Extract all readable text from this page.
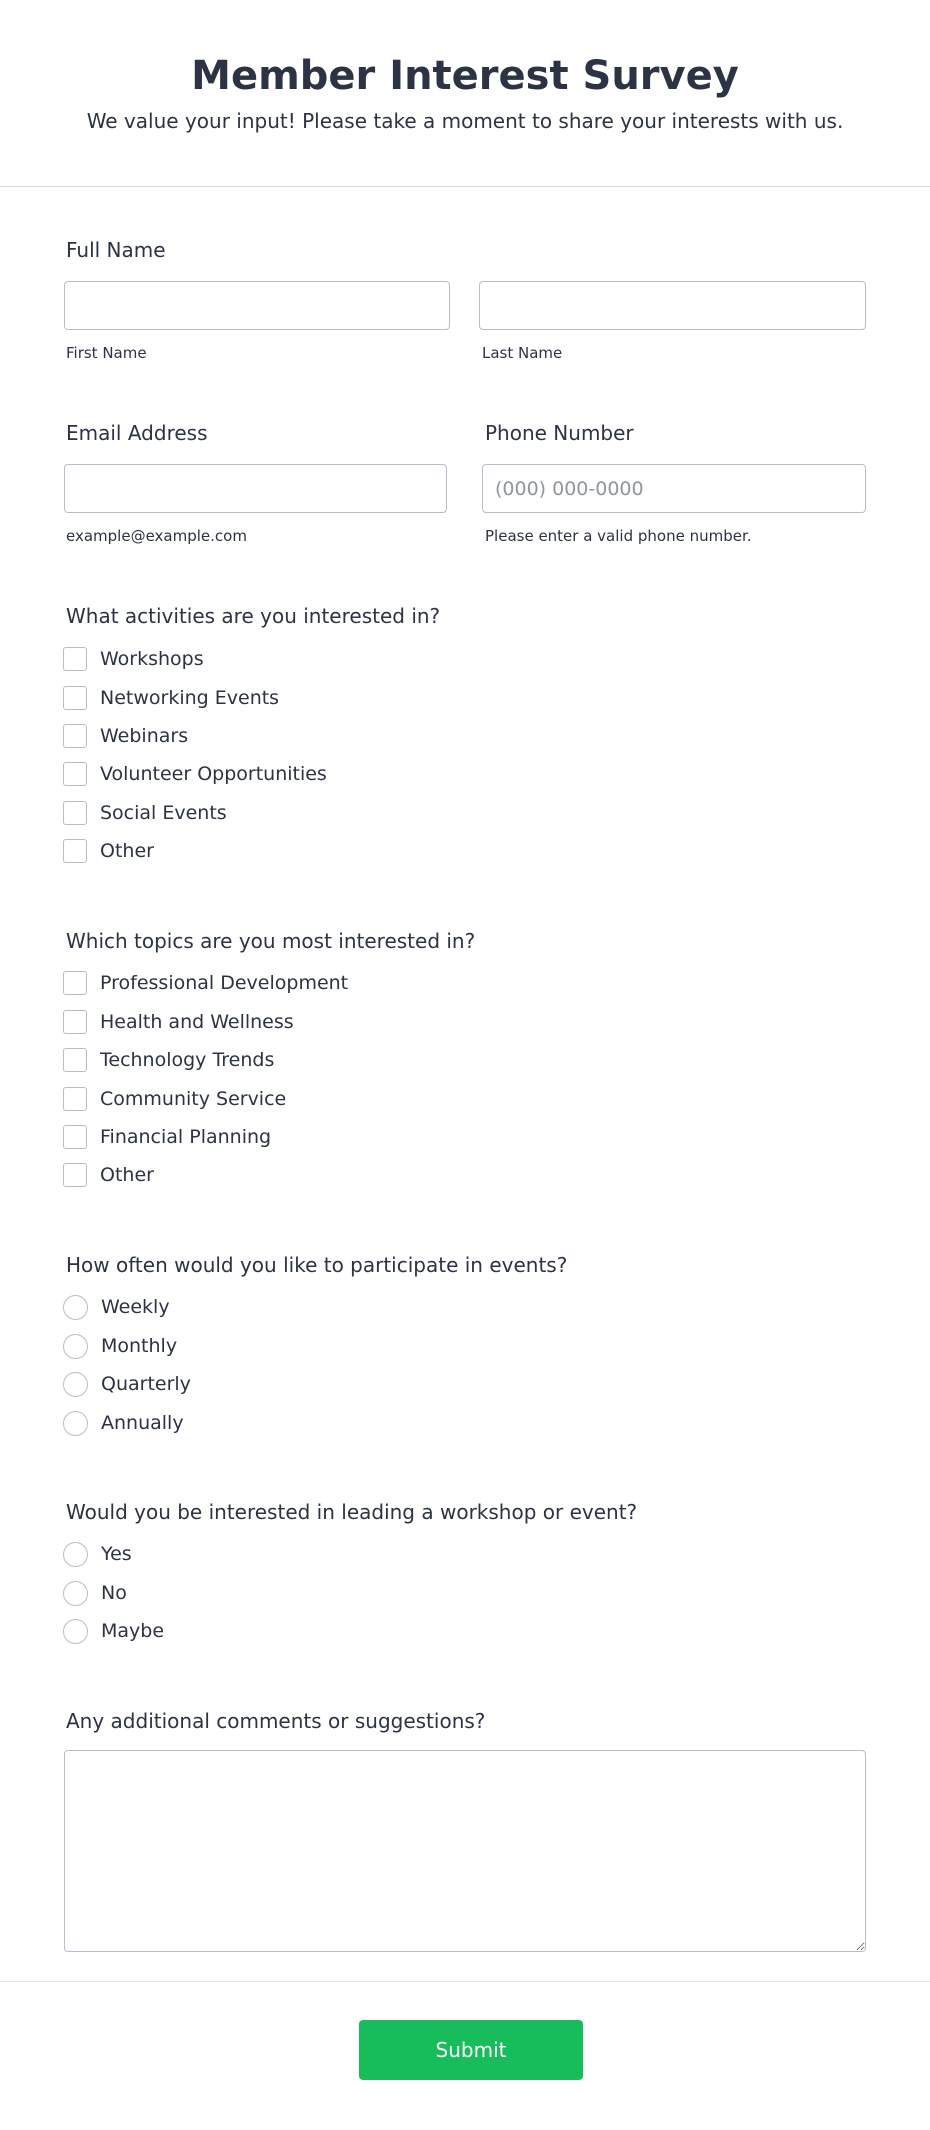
Member Interest Survey

We value your input! Please take a moment to share your interests with us.

Full Name
First Name	Last Name
Email Address	Phone Number
(000) 000-0000
example@example.com	Please enter a valid phone number.
What activities are you interested in?
Workshops
Networking Events
Webinars
Volunteer Opportunities
Social Events
Other
Which topics are you most interested in?
Professional Development
Health and Wellness
Technology Trends
Community Service
Financial Planning
Other
How often would you like to participate in events?
Weekly
Monthly
Quarterly
Annually
Would you be interested in leading a workshop or event?
Yes
No
Maybe
Any additional comments or suggestions?
Submit
